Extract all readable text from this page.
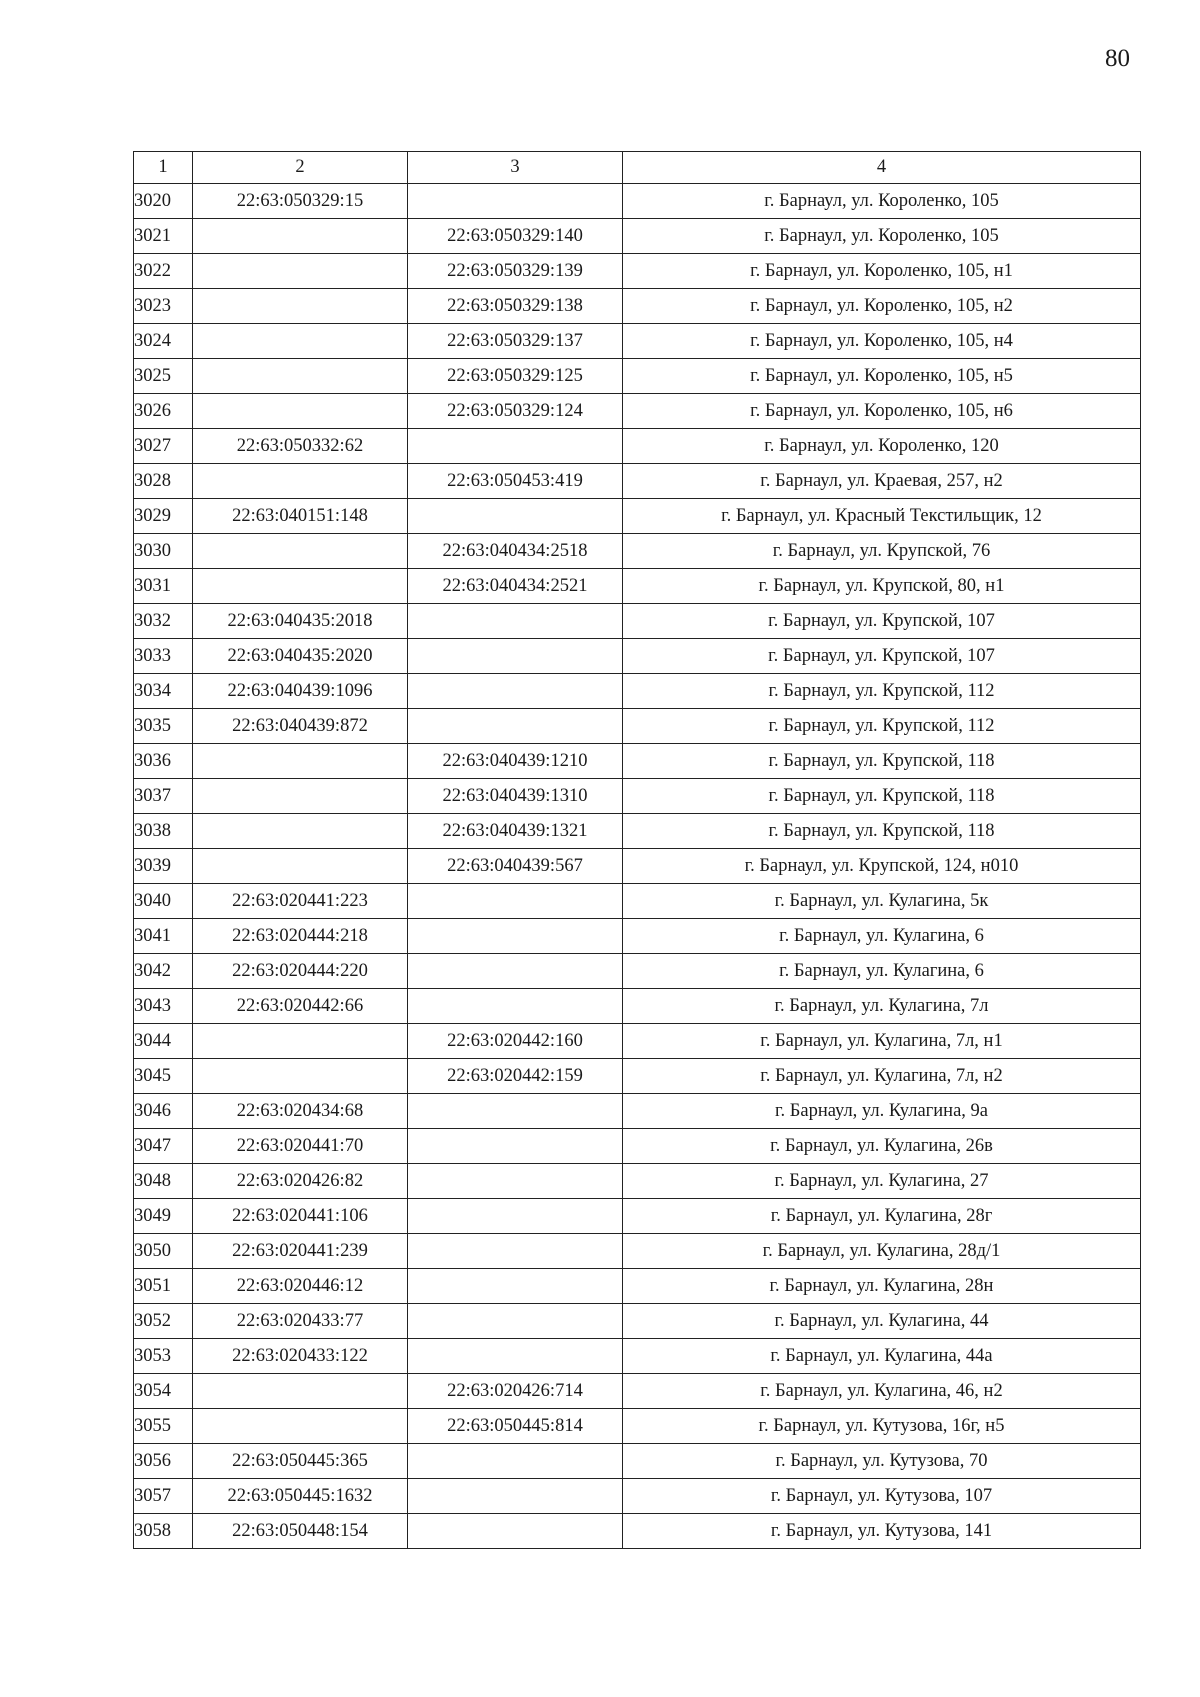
80
1	2	3	4
3020	22:63:050329:15		г. Барнаул, ул. Короленко, 105
3021		22:63:050329:140	г. Барнаул, ул. Короленко, 105
3022		22:63:050329:139	г. Барнаул, ул. Короленко, 105, н1
3023		22:63:050329:138	г. Барнаул, ул. Короленко, 105, н2
3024		22:63:050329:137	г. Барнаул, ул. Короленко, 105, н4
3025		22:63:050329:125	г. Барнаул, ул. Короленко, 105, н5
3026		22:63:050329:124	г. Барнаул, ул. Короленко, 105, н6
3027	22:63:050332:62		г. Барнаул, ул. Короленко, 120
3028		22:63:050453:419	г. Барнаул, ул. Краевая, 257, н2
3029	22:63:040151:148		г. Барнаул, ул. Красный Текстильщик, 12
3030		22:63:040434:2518	г. Барнаул, ул. Крупской, 76
3031		22:63:040434:2521	г. Барнаул, ул. Крупской, 80, н1
3032	22:63:040435:2018		г. Барнаул, ул. Крупской, 107
3033	22:63:040435:2020		г. Барнаул, ул. Крупской, 107
3034	22:63:040439:1096		г. Барнаул, ул. Крупской, 112
3035	22:63:040439:872		г. Барнаул, ул. Крупской, 112
3036		22:63:040439:1210	г. Барнаул, ул. Крупской, 118
3037		22:63:040439:1310	г. Барнаул, ул. Крупской, 118
3038		22:63:040439:1321	г. Барнаул, ул. Крупской, 118
3039		22:63:040439:567	г. Барнаул, ул. Крупской, 124, н010
3040	22:63:020441:223		г. Барнаул, ул. Кулагина, 5к
3041	22:63:020444:218		г. Барнаул, ул. Кулагина, 6
3042	22:63:020444:220		г. Барнаул, ул. Кулагина, 6
3043	22:63:020442:66		г. Барнаул, ул. Кулагина, 7л
3044		22:63:020442:160	г. Барнаул, ул. Кулагина, 7л, н1
3045		22:63:020442:159	г. Барнаул, ул. Кулагина, 7л, н2
3046	22:63:020434:68		г. Барнаул, ул. Кулагина, 9а
3047	22:63:020441:70		г. Барнаул, ул. Кулагина, 26в
3048	22:63:020426:82		г. Барнаул, ул. Кулагина, 27
3049	22:63:020441:106		г. Барнаул, ул. Кулагина, 28г
3050	22:63:020441:239		г. Барнаул, ул. Кулагина, 28д/1
3051	22:63:020446:12		г. Барнаул, ул. Кулагина, 28н
3052	22:63:020433:77		г. Барнаул, ул. Кулагина, 44
3053	22:63:020433:122		г. Барнаул, ул. Кулагина, 44а
3054		22:63:020426:714	г. Барнаул, ул. Кулагина, 46, н2
3055		22:63:050445:814	г. Барнаул, ул. Кутузова, 16г, н5
3056	22:63:050445:365		г. Барнаул, ул. Кутузова, 70
3057	22:63:050445:1632		г. Барнаул, ул. Кутузова, 107
3058	22:63:050448:154		г. Барнаул, ул. Кутузова, 141
